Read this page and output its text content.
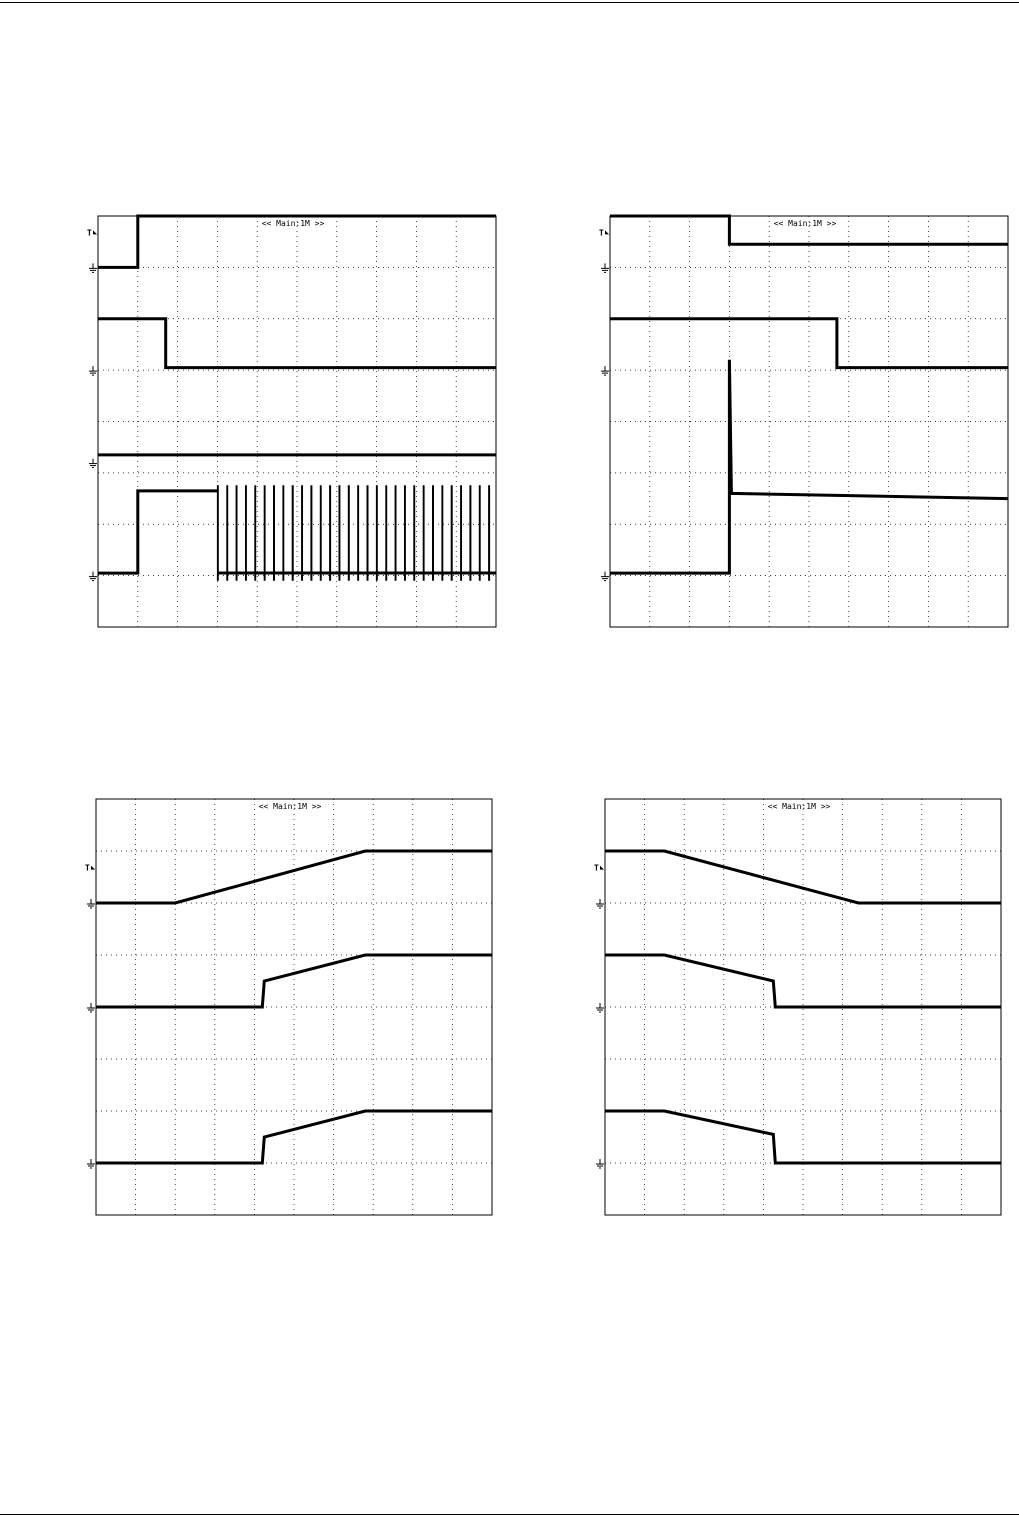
<< Main:1M >>
T
<< Main:1M >>
T
<< Main:1M >>
T
<< Main:1M >>
T
